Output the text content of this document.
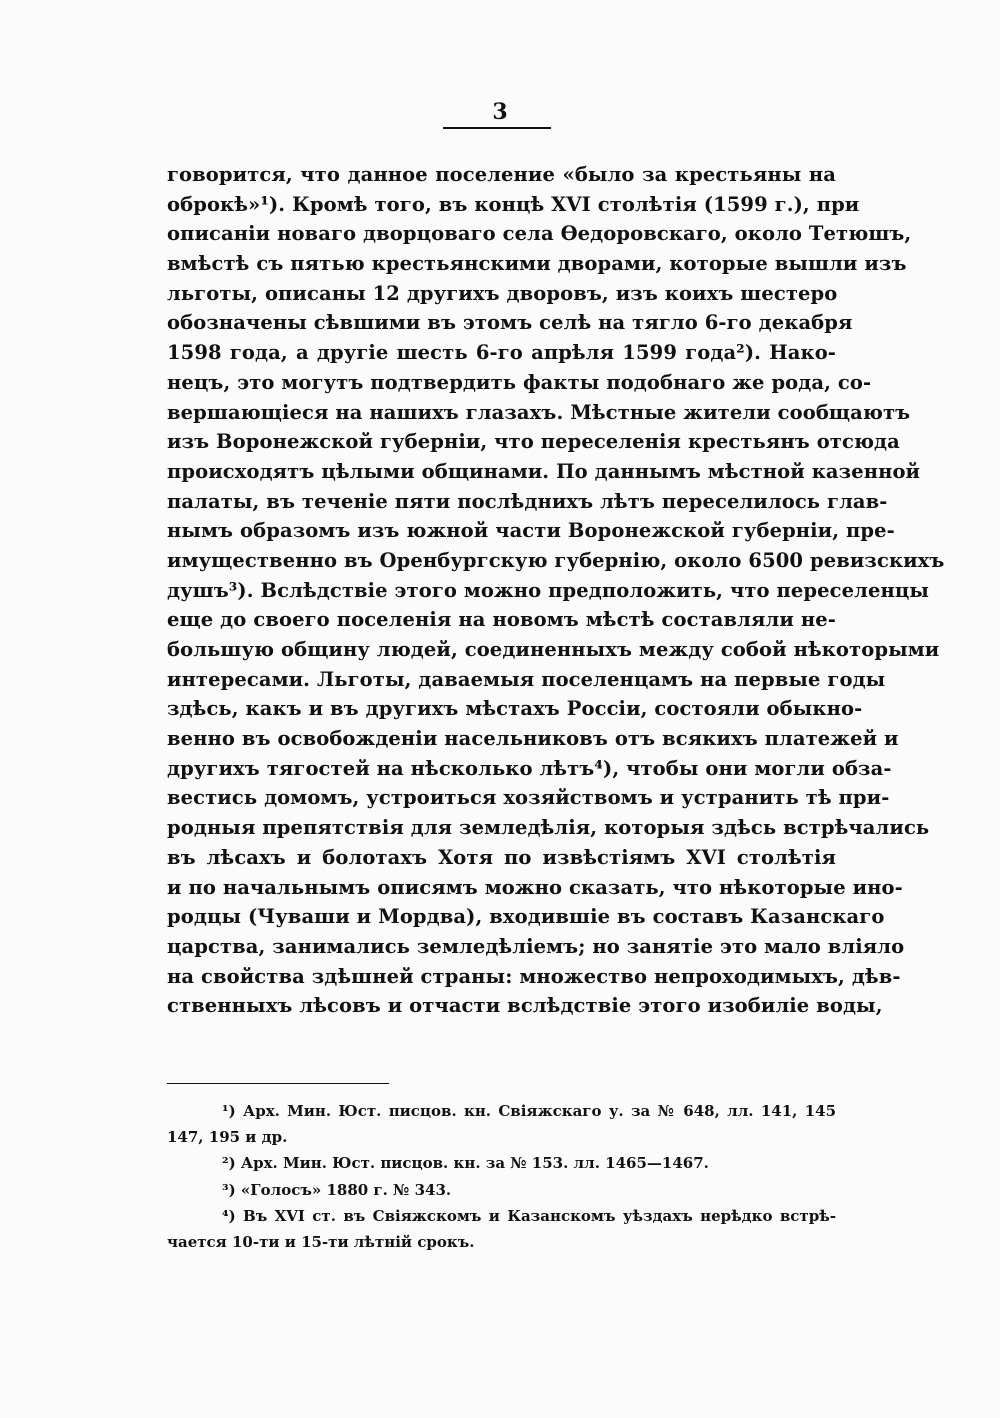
3
говорится, что данное поселение «было за крестьяны на
оброкѣ»¹). Кромѣ того, въ концѣ XVI столѣтія (1599 г.), при
описаніи новаго дворцоваго села Ѳедоровскаго, около Тетюшъ,
вмѣстѣ съ пятью крестьянскими дворами, которые вышли изъ
льготы, описаны 12 другихъ дворовъ, изъ коихъ шестеро
обозначены сѣвшими въ этомъ селѣ на тягло 6-го декабря
1598 года, а другіе шесть 6-го апрѣля 1599 года²). Нако-
нецъ, это могутъ подтвердить факты подобнаго же рода, со-
вершающіеся на нашихъ глазахъ. Мѣстные жители сообщаютъ
изъ Воронежской губерніи, что переселенія крестьянъ отсюда
происходятъ цѣлыми общинами. По даннымъ мѣстной казенной
палаты, въ теченіе пяти послѣднихъ лѣтъ переселилось глав-
нымъ образомъ изъ южной части Воронежской губерніи, пре-
имущественно въ Оренбургскую губернію, около 6500 ревизскихъ
душъ³). Вслѣдствіе этого можно предположить, что переселенцы
еще до своего поселенія на новомъ мѣстѣ составляли не-
большую общину людей, соединенныхъ между собой нѣкоторыми
интересами. Льготы, даваемыя поселенцамъ на первые годы
здѣсь, какъ и въ другихъ мѣстахъ Россіи, состояли обыкно-
венно въ освобожденіи насельниковъ отъ всякихъ платежей и
другихъ тягостей на нѣсколько лѣтъ⁴), чтобы они могли обза-
вестись домомъ, устроиться хозяйствомъ и устранить тѣ при-
родныя препятствія для земледѣлія, которыя здѣсь встрѣчались
въ лѣсахъ и болотахъ Хотя по извѣстіямъ XVI столѣтія
и по начальнымъ описямъ можно сказать, что нѣкоторые ино-
родцы (Чуваши и Мордва), входившіе въ составъ Казанскаго
царства, занимались земледѣліемъ; но занятіе это мало вліяло
на свойства здѣшней страны: множество непроходимыхъ, дѣв-
ственныхъ лѣсовъ и отчасти вслѣдствіе этого изобиліе воды,
¹) Арх. Мин. Юст. писцов. кн. Свіяжскаго у. за № 648, лл. 141, 145
147, 195 и др.
²) Арх. Мин. Юст. писцов. кн. за № 153. лл. 1465—1467.
³) «Голосъ» 1880 г. № 343.
⁴) Въ XVI ст. въ Свіяжскомъ и Казанскомъ уѣздахъ нерѣдко встрѣ-
чается 10-ти и 15-ти лѣтній срокъ.
